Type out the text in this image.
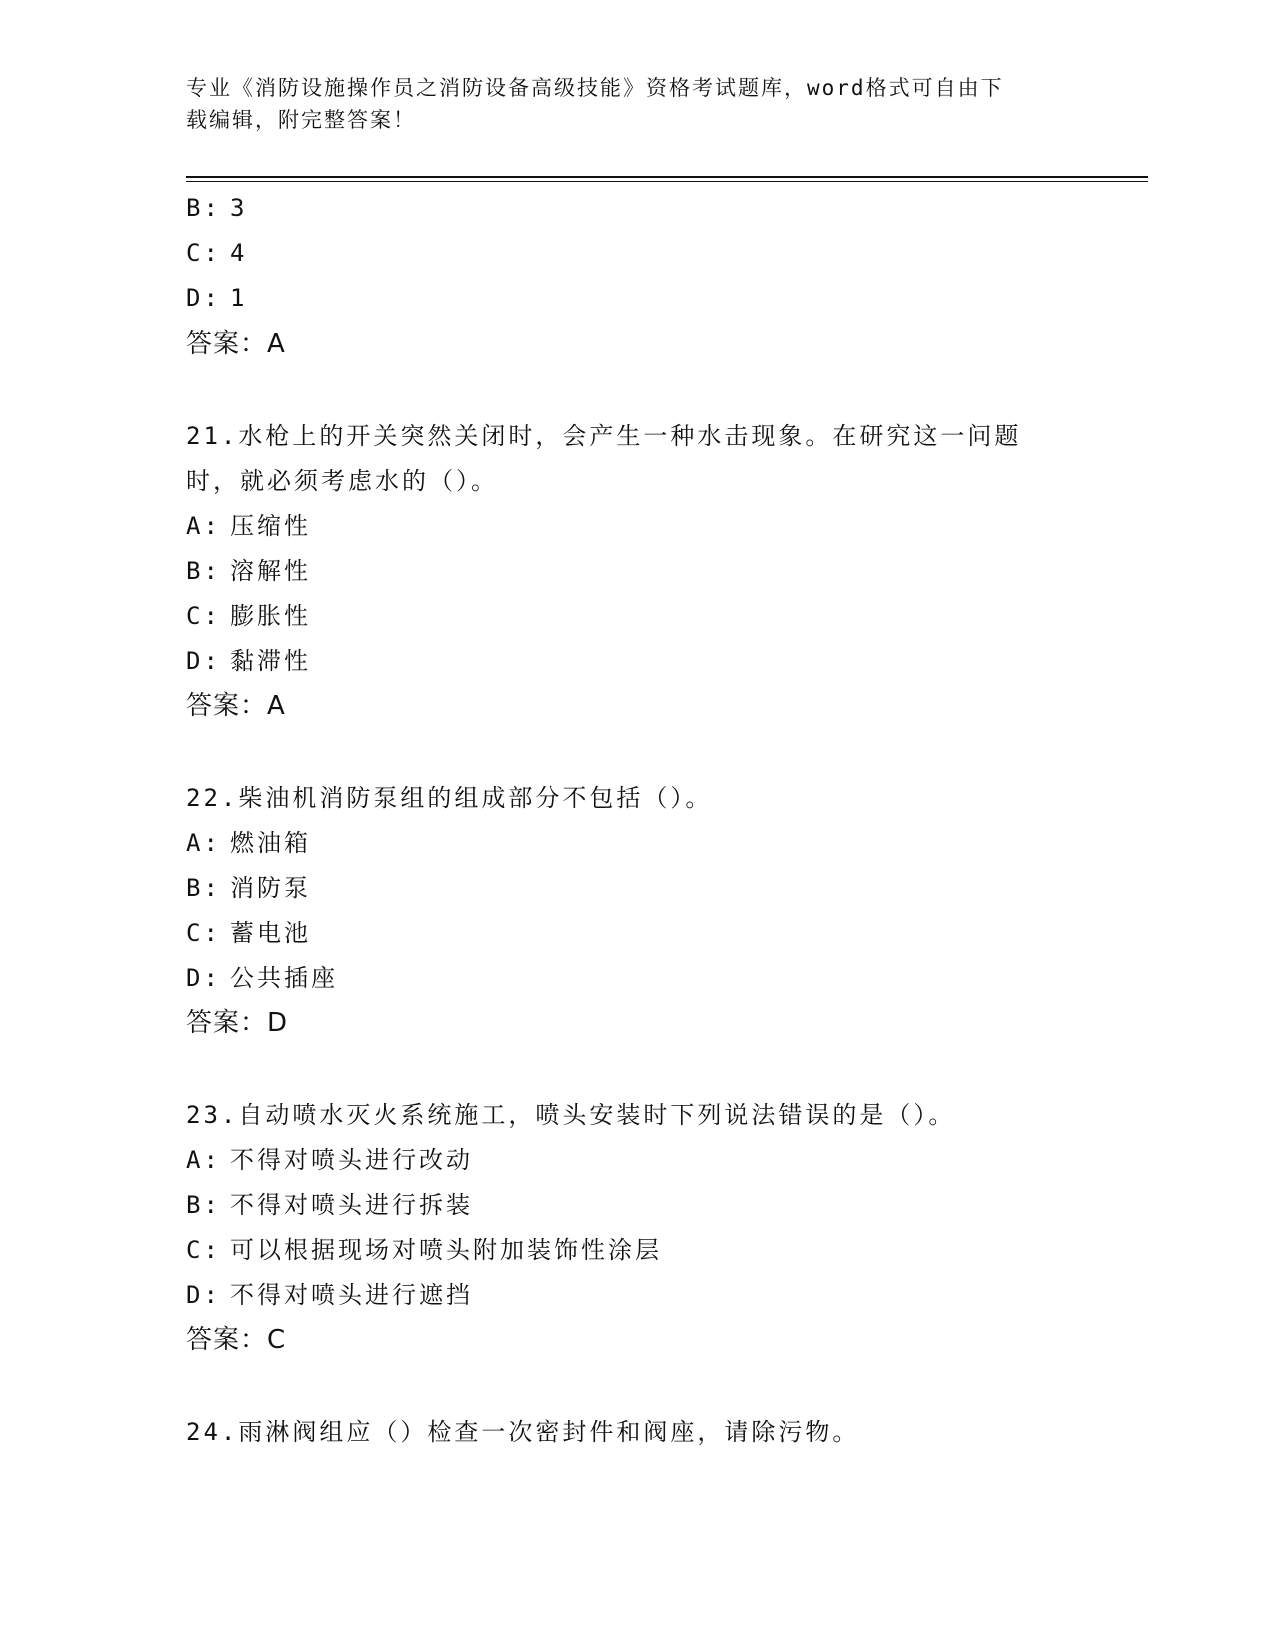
专业《消防设施操作员之消防设备高级技能》资格考试题库，word格式可自由下
载编辑，附完整答案！
B: 3
C: 4
D: 1
答案：A
21.水枪上的开关突然关闭时，会产生一种水击现象。在研究这一问题
时，就必须考虑水的（）。
A: 压缩性
B: 溶解性
C: 膨胀性
D: 黏滞性
答案：A
22.柴油机消防泵组的组成部分不包括（）。
A: 燃油箱
B: 消防泵
C: 蓄电池
D: 公共插座
答案：D
23.自动喷水灭火系统施工，喷头安装时下列说法错误的是（）。
A: 不得对喷头进行改动
B: 不得对喷头进行拆装
C: 可以根据现场对喷头附加装饰性涂层
D: 不得对喷头进行遮挡
答案：C
24.雨淋阀组应（）检查一次密封件和阀座，请除污物。
